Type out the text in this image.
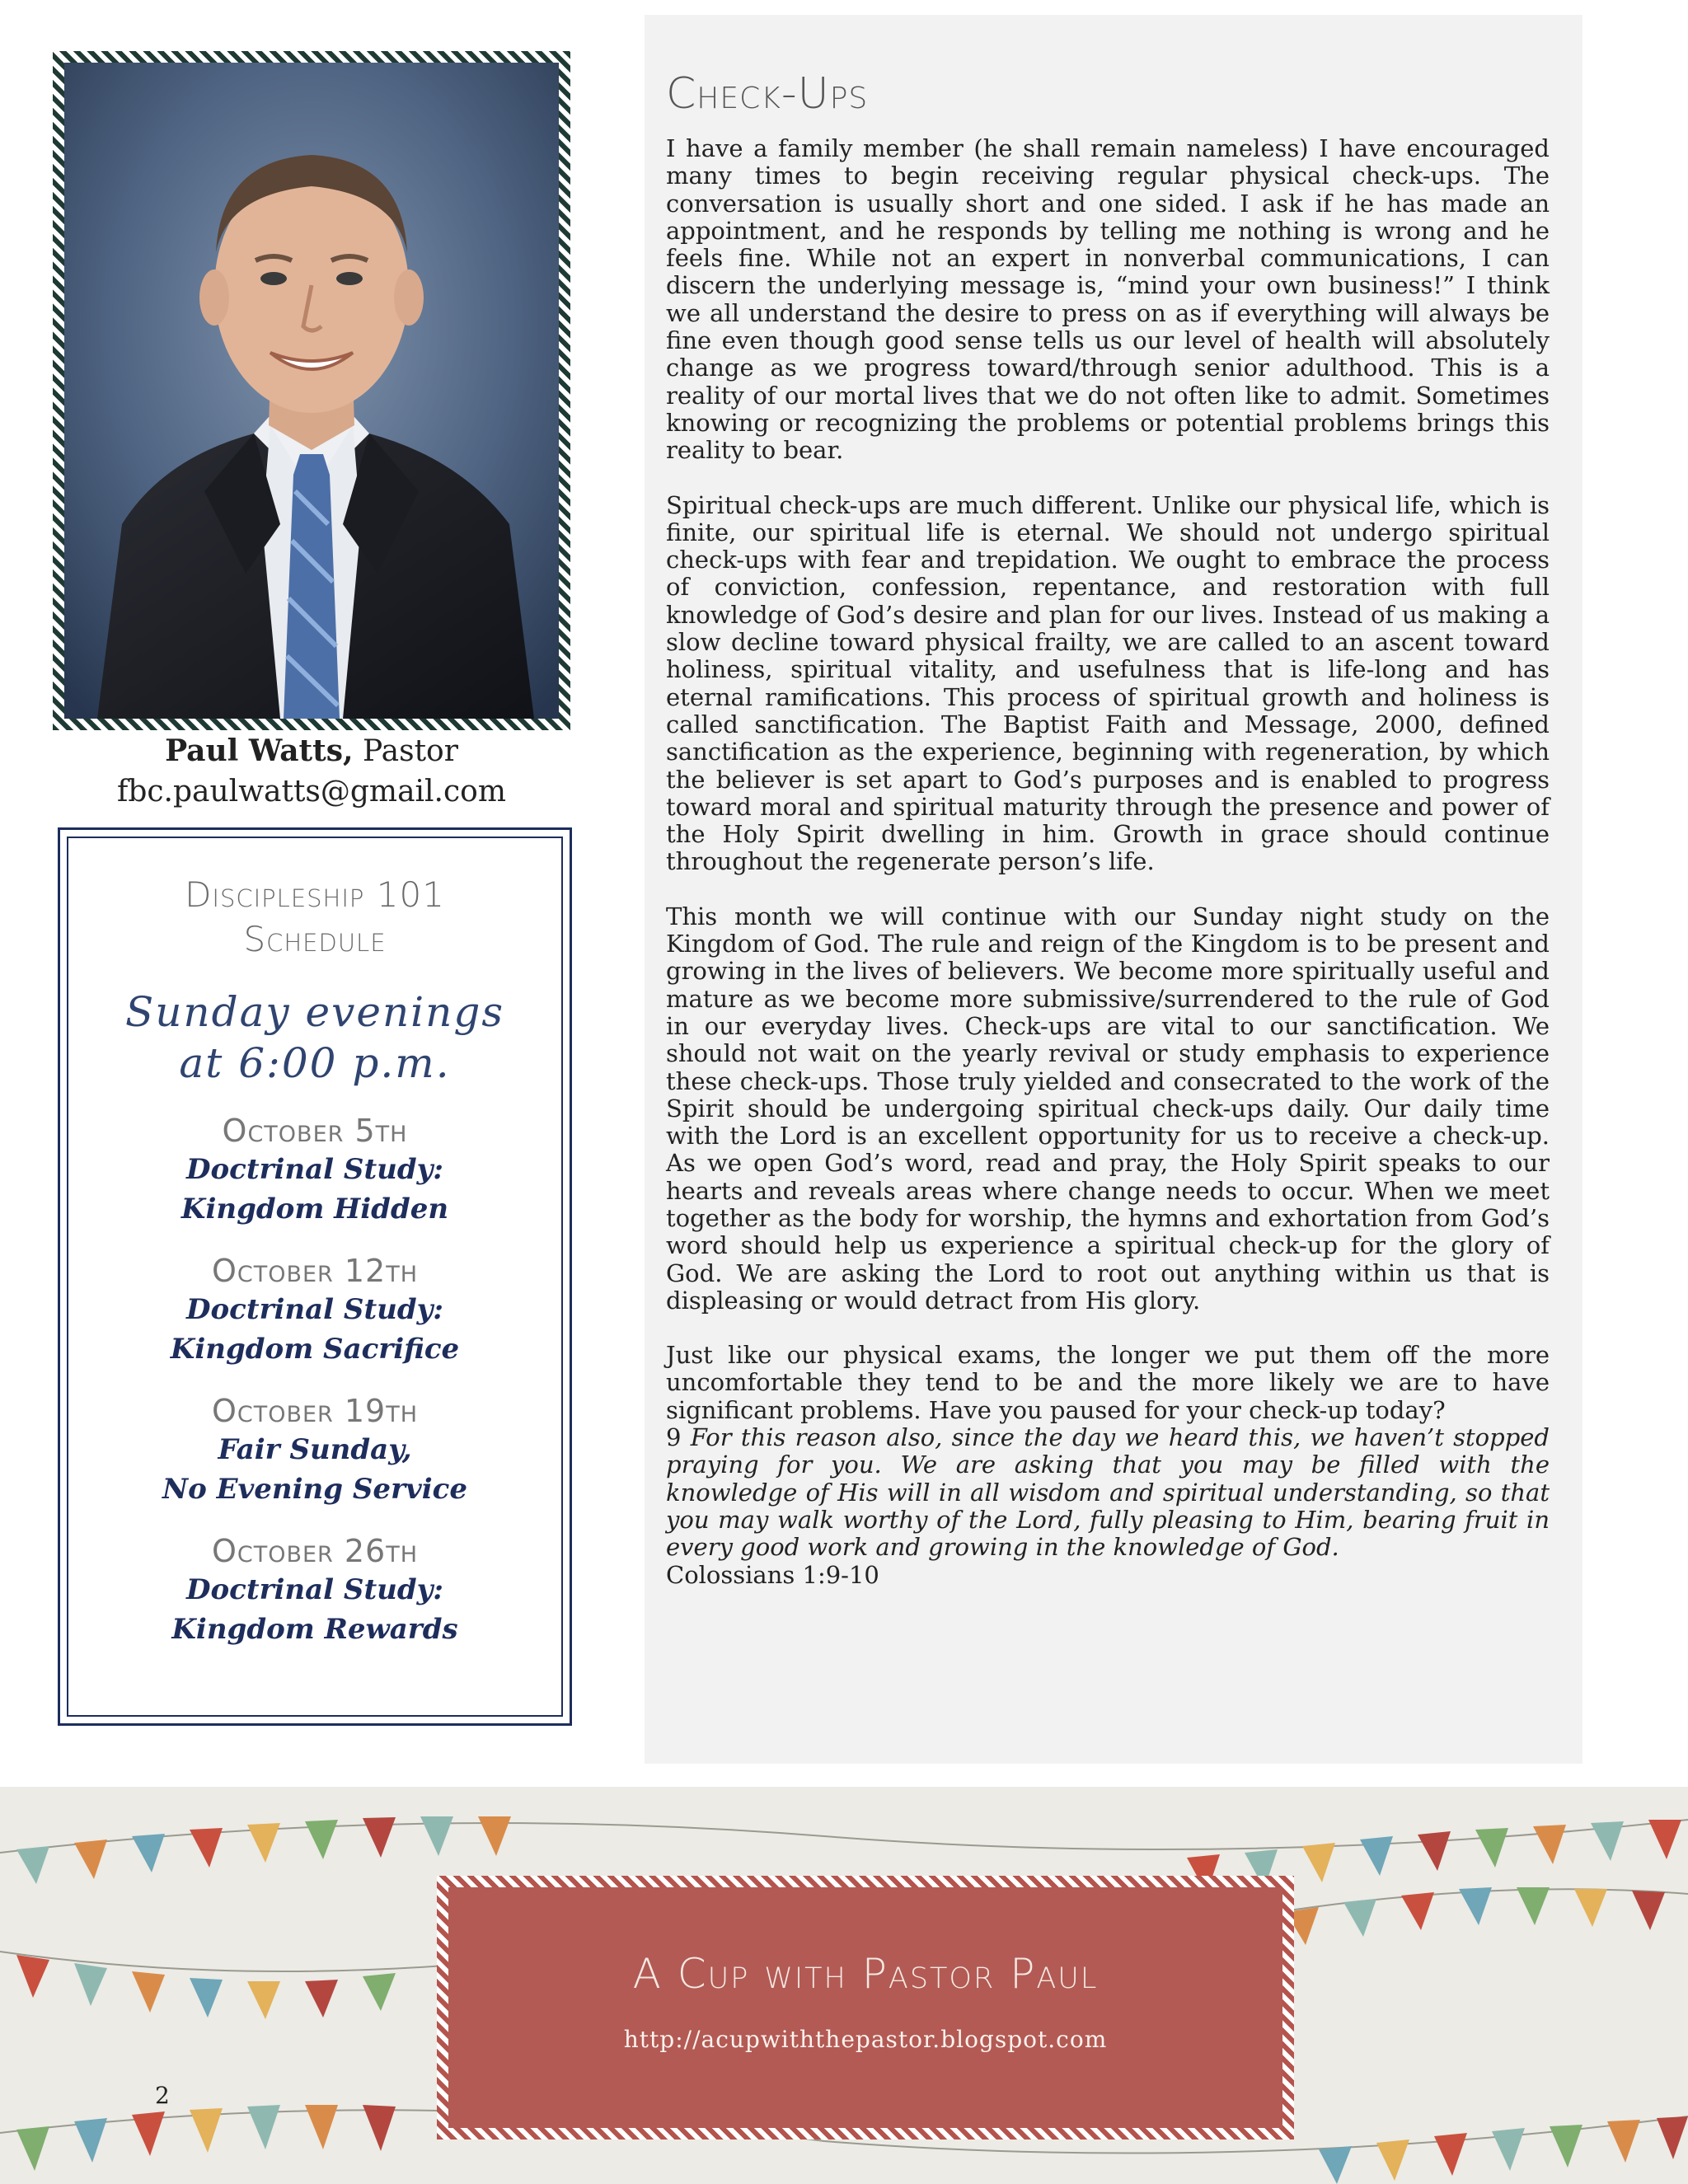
Paul Watts, Pastor
fbc.paulwatts@gmail.com
Discipleship 101
Schedule
Sunday evenings
at 6:00 p.m.
October 5th
Doctrinal Study:
Kingdom Hidden
October 12th
Doctrinal Study:
Kingdom Sacrifice
October 19th
Fair Sunday,
No Evening Service
October 26th
Doctrinal Study:
Kingdom Rewards
Check-Ups

I have a family member (he shall remain nameless) I have encouraged many times to begin receiving regular physical check-ups. The conversation is usually short and one sided. I ask if he has made an appointment, and he responds by telling me nothing is wrong and he feels fine. While not an expert in nonverbal communications, I can discern the underlying message is, “mind your own business!” I think we all understand the desire to press on as if everything will always be fine even though good sense tells us our level of health will absolutely change as we progress toward/through senior adulthood. This is a reality of our mortal lives that we do not often like to admit. Sometimes knowing or recognizing the problems or potential problems brings this reality to bear.

Spiritual check-ups are much different. Unlike our physical life, which is finite, our spiritual life is eternal. We should not undergo spiritual check-ups with fear and trepidation. We ought to embrace the process of conviction, confession, repentance, and restoration with full knowledge of God’s desire and plan for our lives. Instead of us making a slow decline toward physical frailty, we are called to an ascent toward holiness, spiritual vitality, and usefulness that is life-long and has eternal ramifications. This process of spiritual growth and holiness is called sanctification. The Baptist Faith and Message, 2000, defined sanctification as the experience, beginning with regeneration, by which the believer is set apart to God’s purposes and is enabled to progress toward moral and spiritual maturity through the presence and power of the Holy Spirit dwelling in him. Growth in grace should continue throughout the regenerate person’s life.

This month we will continue with our Sunday night study on the Kingdom of God. The rule and reign of the Kingdom is to be present and growing in the lives of believers. We become more spiritually useful and mature as we become more submissive/surrendered to the rule of God in our everyday lives. Check-ups are vital to our sanctification. We should not wait on the yearly revival or study emphasis to experience these check-ups. Those truly yielded and consecrated to the work of the Spirit should be undergoing spiritual check-ups daily. Our daily time with the Lord is an excellent opportunity for us to receive a check-up. As we open God’s word, read and pray, the Holy Spirit speaks to our hearts and reveals areas where change needs to occur. When we meet together as the body for worship, the hymns and exhortation from God’s word should help us experience a spiritual check-up for the glory of God. We are asking the Lord to root out anything within us that is displeasing or would detract from His glory.

Just like our physical exams, the longer we put them off the more uncomfortable they tend to be and the more likely we are to have significant problems. Have you paused for your check-up today?
9 For this reason also, since the day we heard this, we haven’t stopped praying for you. We are asking that you may be filled with the knowledge of His will in all wisdom and spiritual understanding, so that you may walk worthy of the Lord, fully pleasing to Him, bearing fruit in every good work and growing in the knowledge of God.
Colossians 1:9-10

A Cup with Pastor Paul
http://acupwiththepastor.blogspot.com
2
